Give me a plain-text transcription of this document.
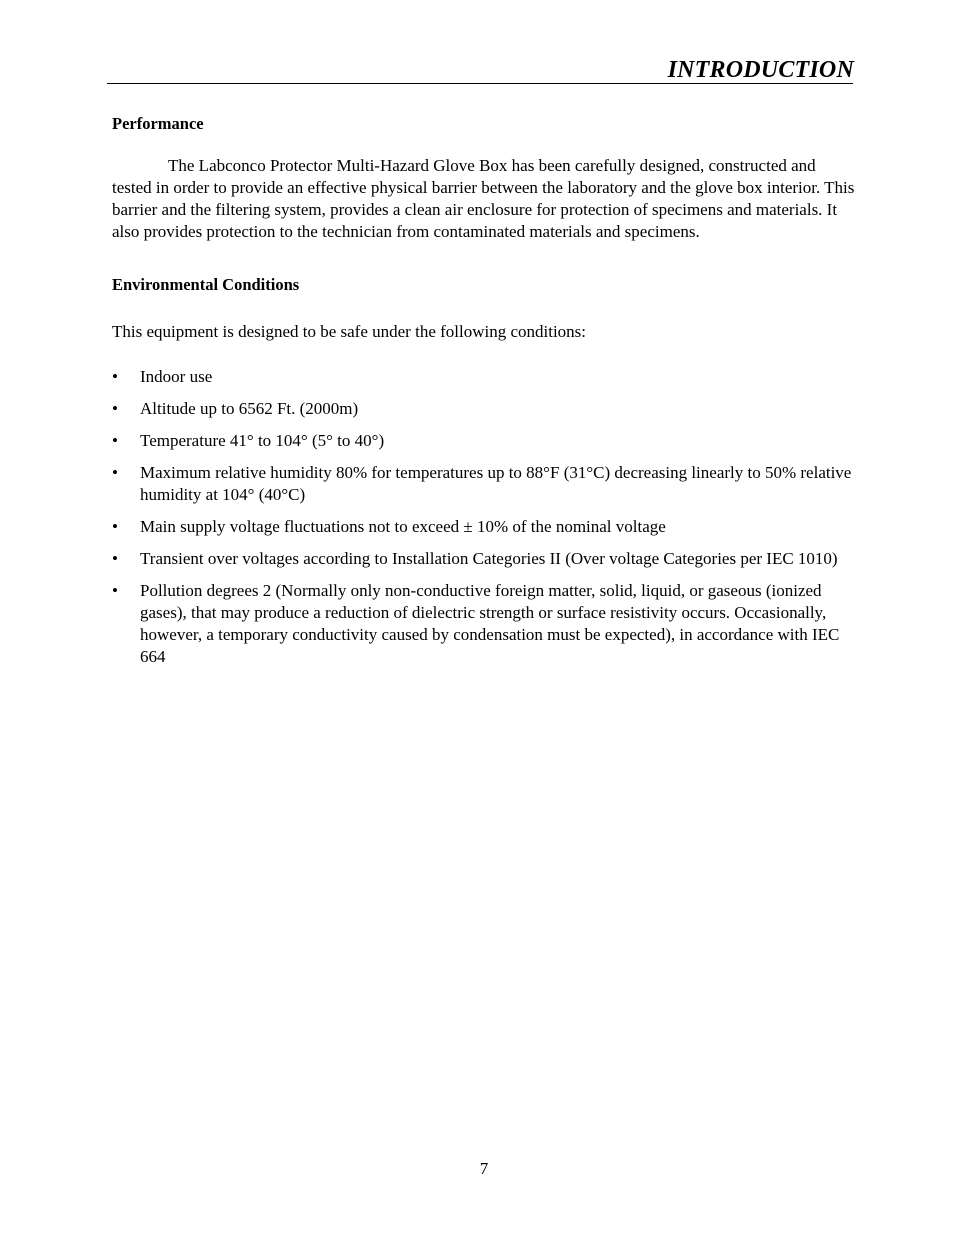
INTRODUCTION
Performance

The Labconco Protector Multi-Hazard Glove Box has been carefully designed, constructed and tested in order to provide an effective physical barrier between the laboratory and the glove box interior. This barrier and the filtering system, provides a clean air enclosure for protection of specimens and materials. It also provides protection to the technician from contaminated materials and specimens.

Environmental Conditions

This equipment is designed to be safe under the following conditions:

•	Indoor use
•	Altitude up to 6562 Ft. (2000m)
•	Temperature 41° to 104° (5° to 40°)
•	Maximum relative humidity 80% for temperatures up to 88°F (31°C) decreasing linearly to 50% relative humidity at 104° (40°C)
•	Main supply voltage fluctuations not to exceed ± 10% of the nominal voltage
•	Transient over voltages according to Installation Categories II (Over voltage Categories per IEC 1010)
•	Pollution degrees 2 (Normally only non-conductive foreign matter, solid, liquid, or gaseous (ionized gases), that may produce a reduction of dielectric strength or surface resistivity occurs. Occasionally, however, a temporary conductivity caused by condensation must be expected), in accordance with IEC 664
7
